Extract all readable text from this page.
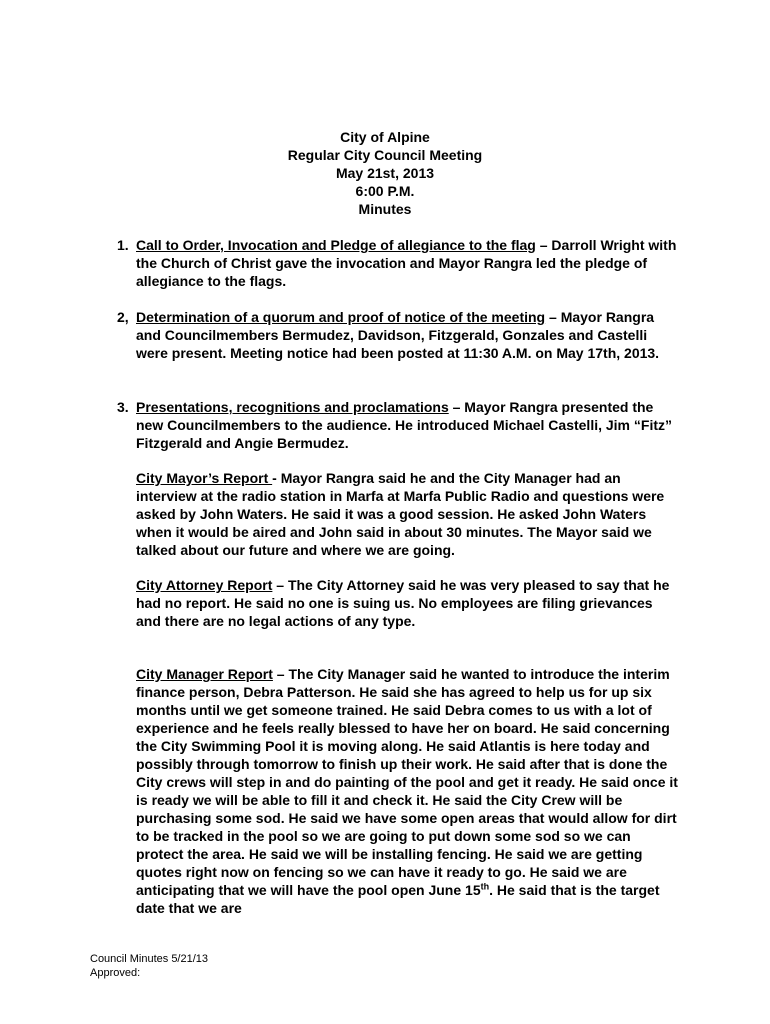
City of Alpine
Regular City Council Meeting
May 21st, 2013
6:00 P.M.
Minutes
1. Call to Order, Invocation and Pledge of allegiance to the flag – Darroll Wright with the Church of Christ gave the invocation and Mayor Rangra led the pledge of allegiance to the flags.
2, Determination of a quorum and proof of notice of the meeting – Mayor Rangra and Councilmembers Bermudez, Davidson, Fitzgerald, Gonzales and Castelli were present. Meeting notice had been posted at 11:30 A.M. on May 17th, 2013.
3. Presentations, recognitions and proclamations – Mayor Rangra presented the new Councilmembers to the audience. He introduced Michael Castelli, Jim “Fitz” Fitzgerald and Angie Bermudez.
City Mayor’s Report - Mayor Rangra said he and the City Manager had an interview at the radio station in Marfa at Marfa Public Radio and questions were asked by John Waters. He said it was a good session. He asked John Waters when it would be aired and John said in about 30 minutes. The Mayor said we talked about our future and where we are going.
City Attorney Report – The City Attorney said he was very pleased to say that he had no report. He said no one is suing us. No employees are filing grievances and there are no legal actions of any type.
City Manager Report – The City Manager said he wanted to introduce the interim finance person, Debra Patterson. He said she has agreed to help us for up six months until we get someone trained. He said Debra comes to us with a lot of experience and he feels really blessed to have her on board. He said concerning the City Swimming Pool it is moving along. He said Atlantis is here today and possibly through tomorrow to finish up their work. He said after that is done the City crews will step in and do painting of the pool and get it ready. He said once it is ready we will be able to fill it and check it. He said the City Crew will be purchasing some sod. He said we have some open areas that would allow for dirt to be tracked in the pool so we are going to put down some sod so we can protect the area. He said we will be installing fencing. He said we are getting quotes right now on fencing so we can have it ready to go. He said we are anticipating that we will have the pool open June 15th. He said that is the target date that we are
Council Minutes 5/21/13
Approved:
